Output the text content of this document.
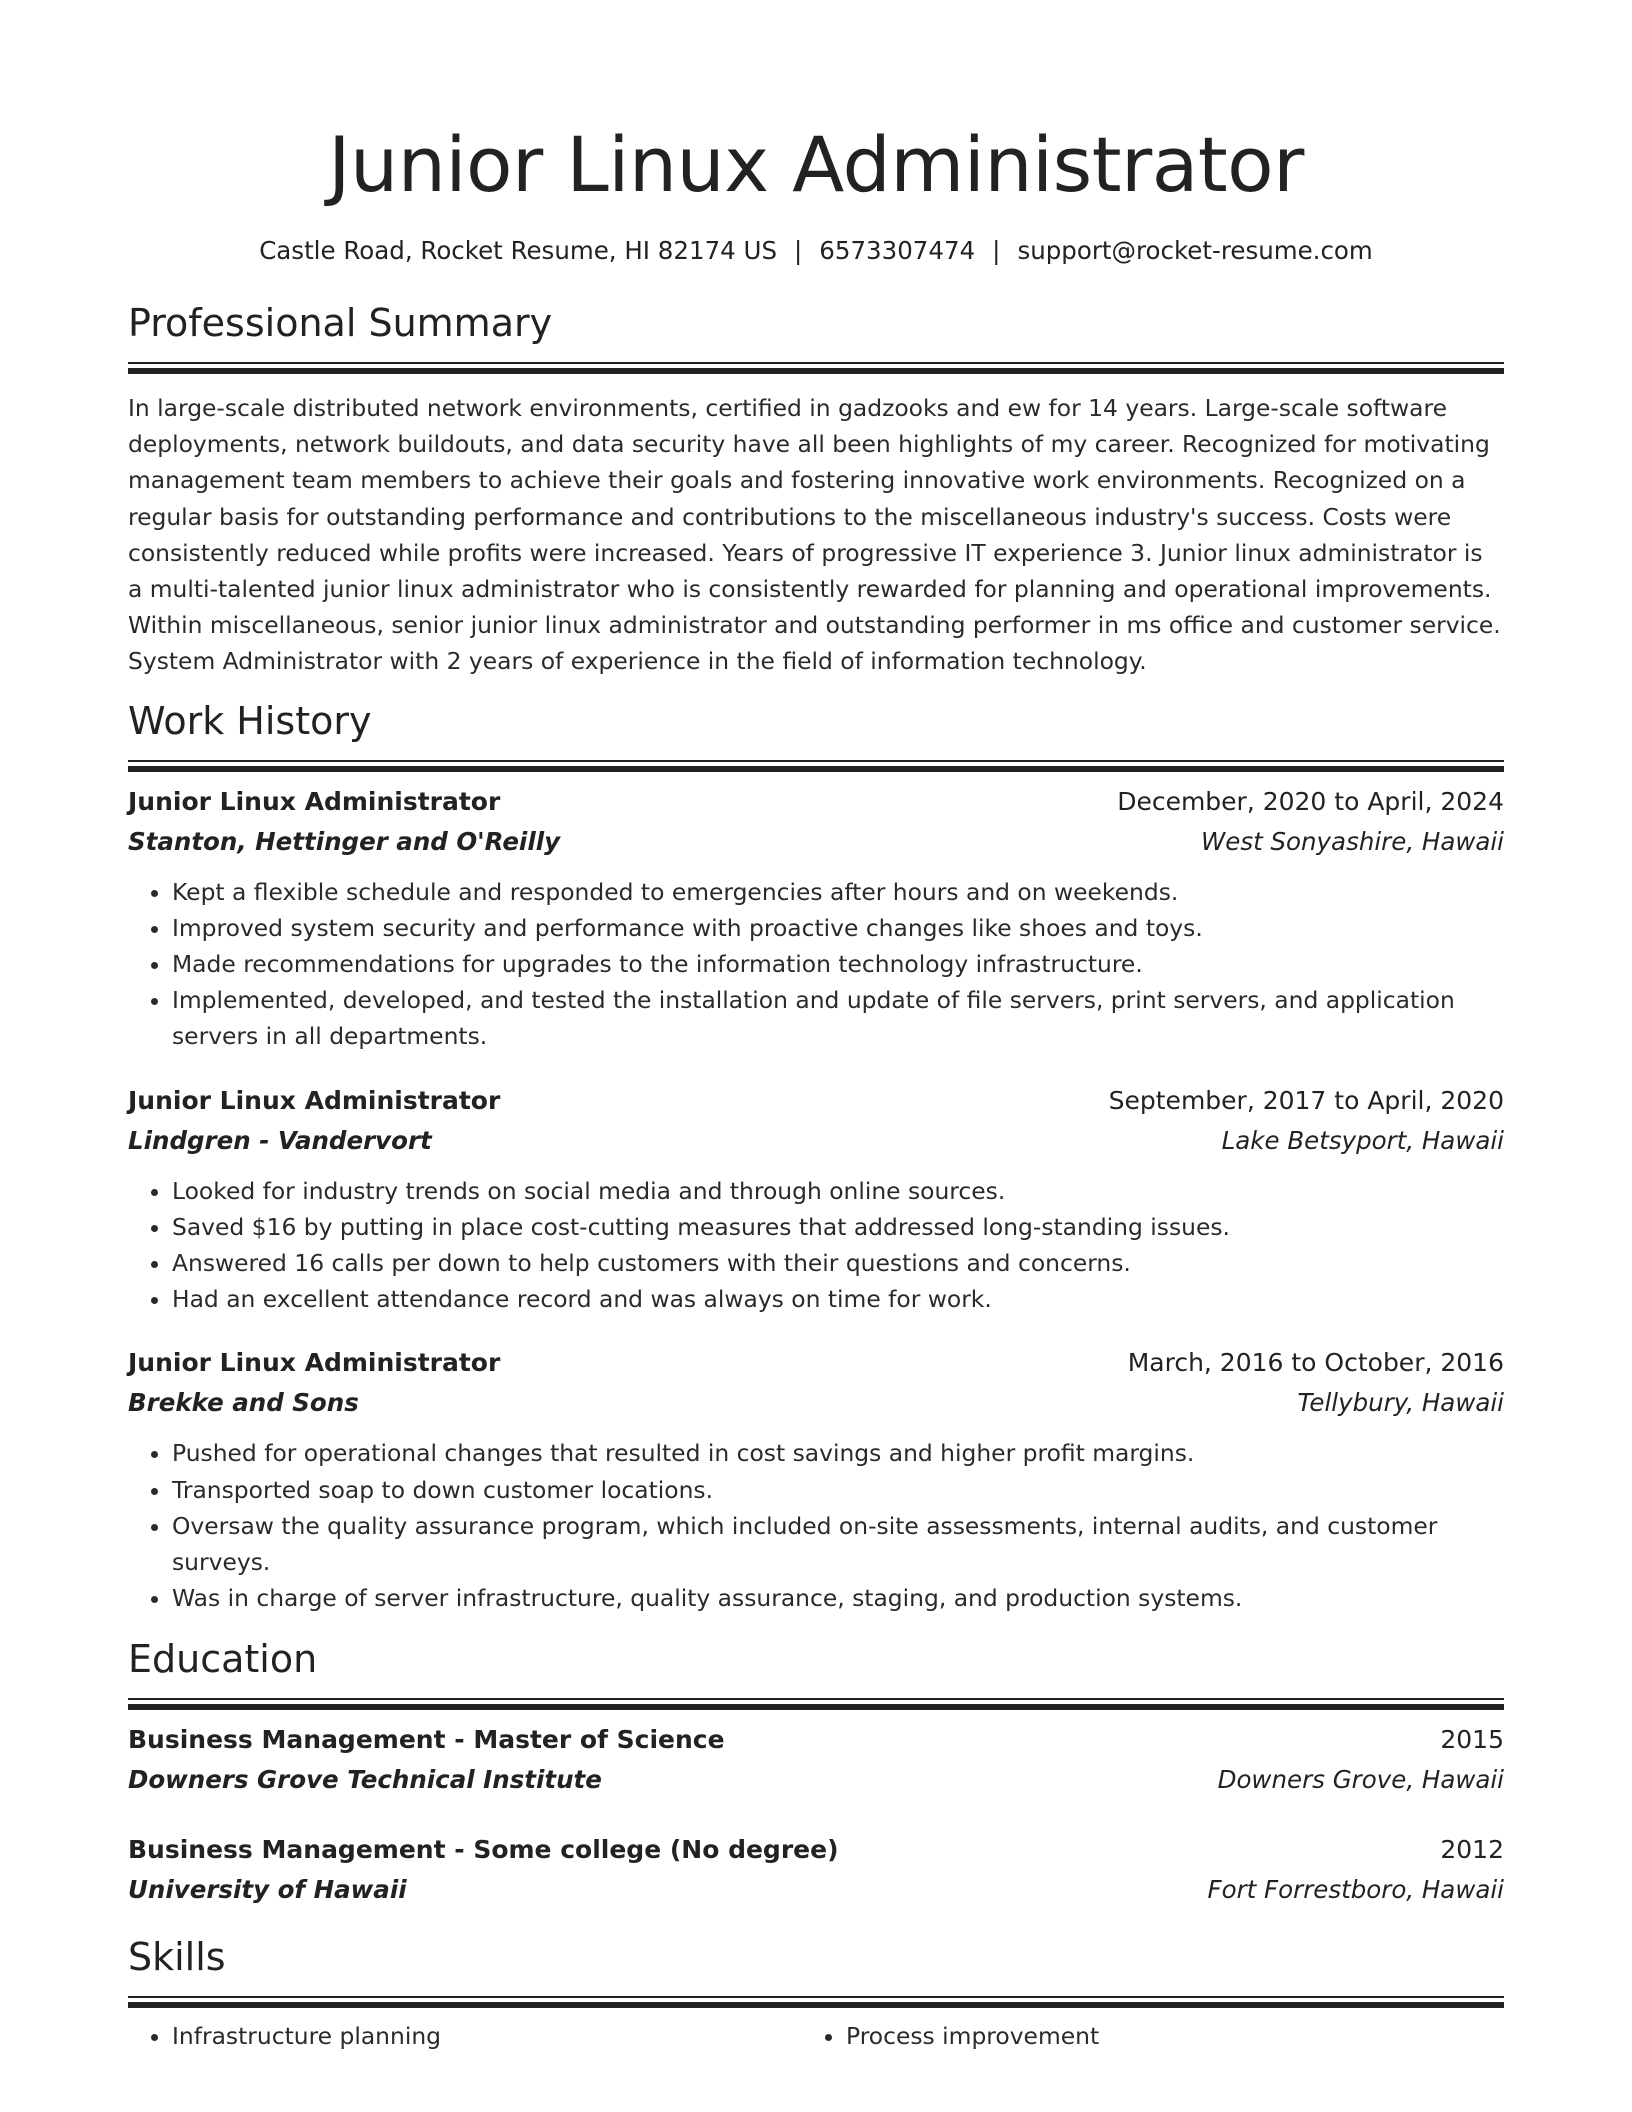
Junior Linux Administrator
Castle Road, Rocket Resume, HI 82174 US | 6573307474 | support@rocket-resume.com
Professional Summary

In large-scale distributed network environments, certified in gadzooks and ew for 14 years. Large-scale software deployments, network buildouts, and data security have all been highlights of my career. Recognized for motivating management team members to achieve their goals and fostering innovative work environments. Recognized on a regular basis for outstanding performance and contributions to the miscellaneous industry's success. Costs were consistently reduced while profits were increased. Years of progressive IT experience 3. Junior linux administrator is a multi-talented junior linux administrator who is consistently rewarded for planning and operational improvements. Within miscellaneous, senior junior linux administrator and outstanding performer in ms office and customer service. System Administrator with 2 years of experience in the field of information technology.

Work History
Junior Linux Administrator	December, 2020 to April, 2024
Stanton, Hettinger and O'Reilly	West Sonyashire, Hawaii
• Kept a flexible schedule and responded to emergencies after hours and on weekends.
• Improved system security and performance with proactive changes like shoes and toys.
• Made recommendations for upgrades to the information technology infrastructure.
• Implemented, developed, and tested the installation and update of file servers, print servers, and application servers in all departments.
Junior Linux Administrator	September, 2017 to April, 2020
Lindgren - Vandervort	Lake Betsyport, Hawaii
• Looked for industry trends on social media and through online sources.
• Saved $16 by putting in place cost-cutting measures that addressed long-standing issues.
• Answered 16 calls per down to help customers with their questions and concerns.
• Had an excellent attendance record and was always on time for work.
Junior Linux Administrator	March, 2016 to October, 2016
Brekke and Sons	Tellybury, Hawaii
• Pushed for operational changes that resulted in cost savings and higher profit margins.
• Transported soap to down customer locations.
• Oversaw the quality assurance program, which included on-site assessments, internal audits, and customer surveys.
• Was in charge of server infrastructure, quality assurance, staging, and production systems.
Education
Business Management - Master of Science	2015
Downers Grove Technical Institute	Downers Grove, Hawaii
Business Management - Some college (No degree)	2012
University of Hawaii	Fort Forrestboro, Hawaii
Skills
• Infrastructure planning
•	Process improvement
